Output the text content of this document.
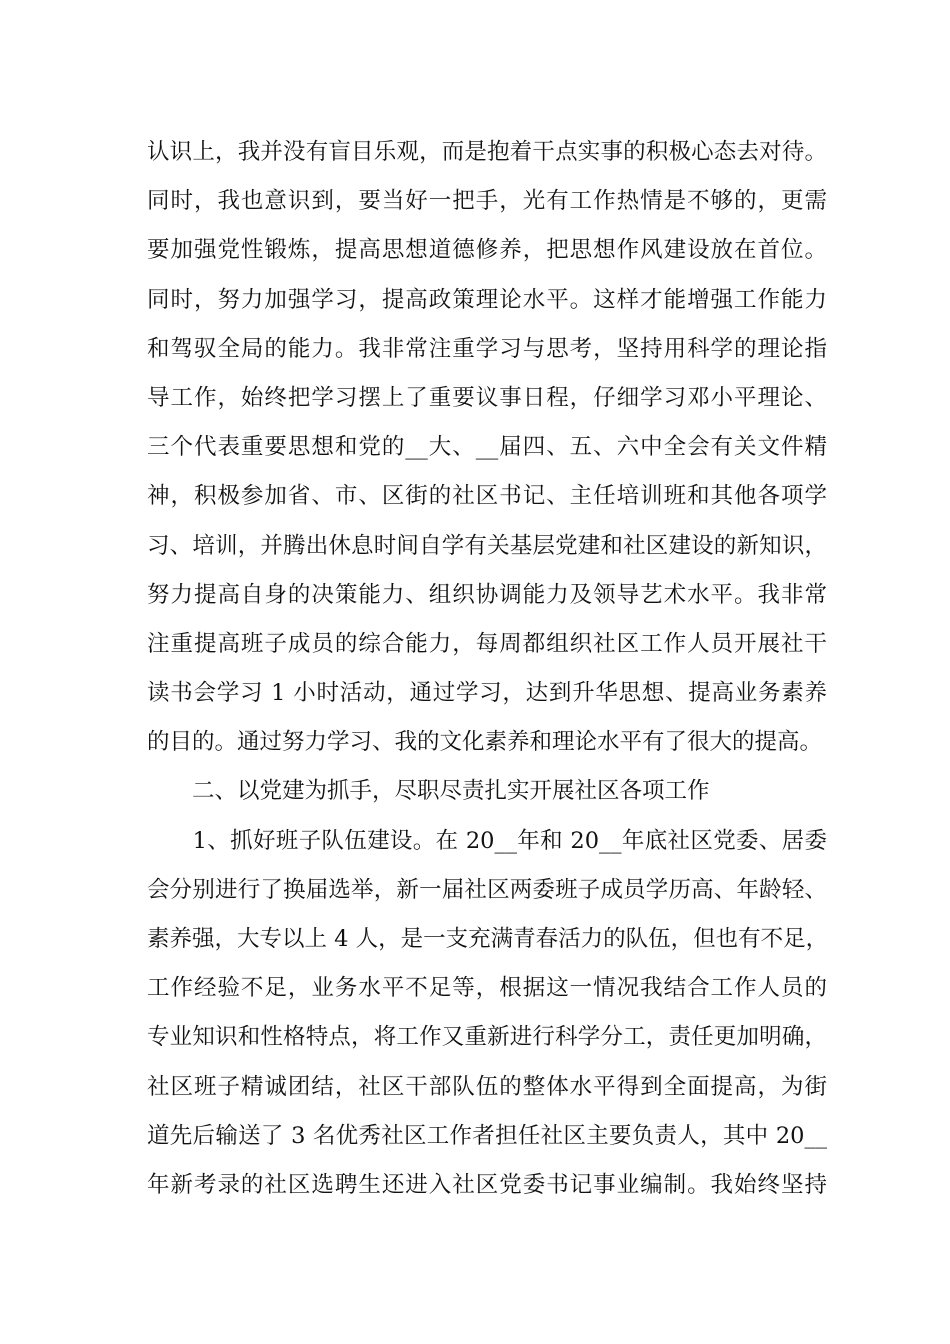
认识上，我并没有盲目乐观，而是抱着干点实事的积极心态去对待。
同时，我也意识到，要当好一把手，光有工作热情是不够的，更需
要加强党性锻炼，提高思想道德修养，把思想作风建设放在首位。
同时，努力加强学习，提高政策理论水平。这样才能增强工作能力
和驾驭全局的能力。我非常注重学习与思考，坚持用科学的理论指
导工作，始终把学习摆上了重要议事日程，仔细学习邓小平理论、
三个代表重要思想和党的__大、__届四、五、六中全会有关文件精
神，积极参加省、市、区街的社区书记、主任培训班和其他各项学
习、培训，并腾出休息时间自学有关基层党建和社区建设的新知识，
努力提高自身的决策能力、组织协调能力及领导艺术水平。我非常
注重提高班子成员的综合能力，每周都组织社区工作人员开展社干
读书会学习 1 小时活动，通过学习，达到升华思想、提高业务素养
的目的。通过努力学习、我的文化素养和理论水平有了很大的提高。
　　二、以党建为抓手，尽职尽责扎实开展社区各项工作
　　1、抓好班子队伍建设。在 20__年和 20__年底社区党委、居委
会分别进行了换届选举，新一届社区两委班子成员学历高、年龄轻、
素养强，大专以上 4 人，是一支充满青春活力的队伍，但也有不足，
工作经验不足，业务水平不足等，根据这一情况我结合工作人员的
专业知识和性格特点，将工作又重新进行科学分工，责任更加明确，
社区班子精诚团结，社区干部队伍的整体水平得到全面提高，为街
道先后输送了 3 名优秀社区工作者担任社区主要负责人，其中 20__
年新考录的社区选聘生还进入社区党委书记事业编制。我始终坚持
